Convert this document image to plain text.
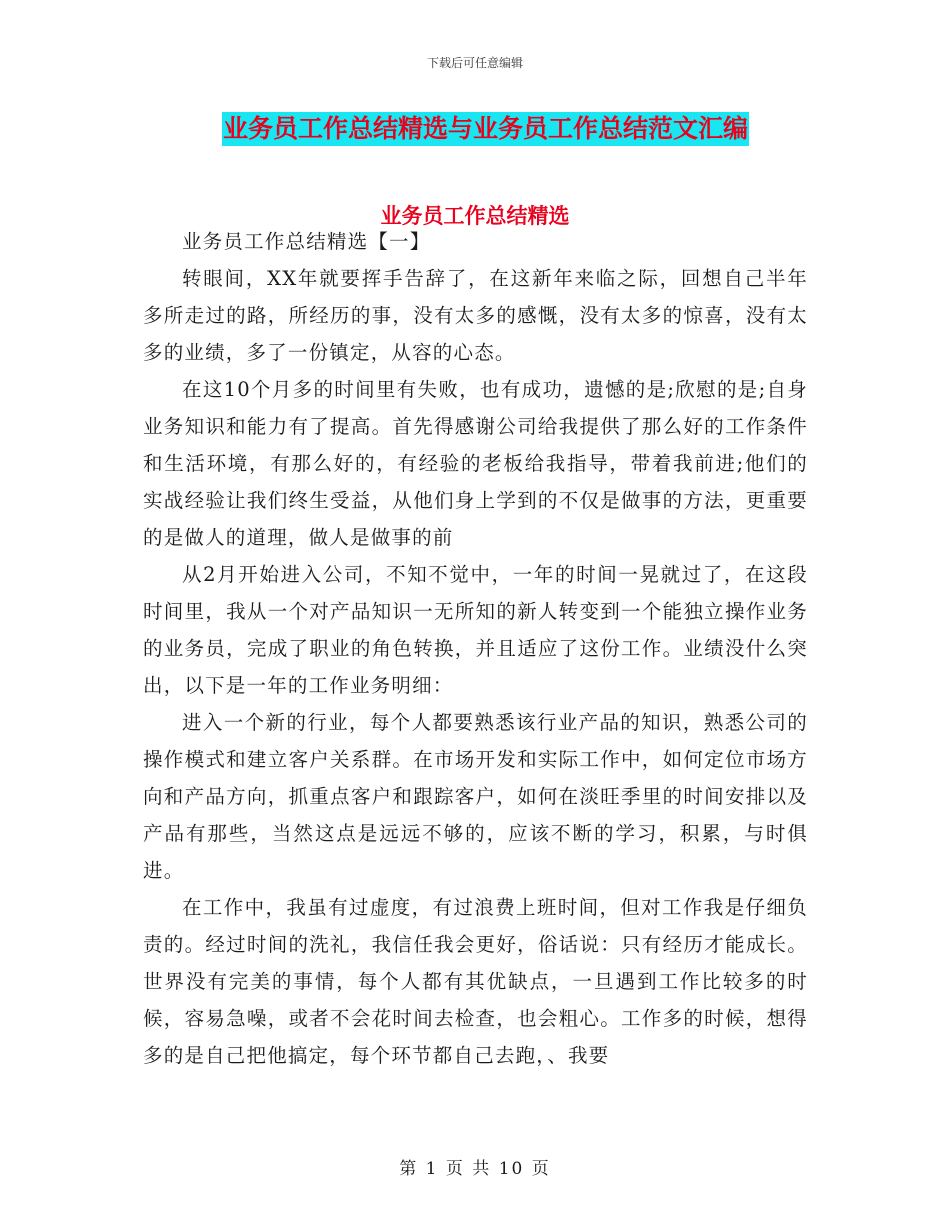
下载后可任意编辑
业务员工作总结精选与业务员工作总结范文汇编
业务员工作总结精选

业务员工作总结精选【一】

转眼间，XX年就要挥手告辞了，在这新年来临之际，回想自己半年多所走过的路，所经历的事，没有太多的感慨，没有太多的惊喜，没有太多的业绩，多了一份镇定，从容的心态。

在这10个月多的时间里有失败，也有成功，遗憾的是;欣慰的是;自身业务知识和能力有了提高。首先得感谢公司给我提供了那么好的工作条件和生活环境，有那么好的，有经验的老板给我指导，带着我前进;他们的实战经验让我们终生受益，从他们身上学到的不仅是做事的方法，更重要的是做人的道理，做人是做事的前

从2月开始进入公司，不知不觉中，一年的时间一晃就过了，在这段时间里，我从一个对产品知识一无所知的新人转变到一个能独立操作业务的业务员，完成了职业的角色转换，并且适应了这份工作。业绩没什么突出，以下是一年的工作业务明细：

进入一个新的行业，每个人都要熟悉该行业产品的知识，熟悉公司的操作模式和建立客户关系群。在市场开发和实际工作中，如何定位市场方向和产品方向，抓重点客户和跟踪客户，如何在淡旺季里的时间安排以及产品有那些，当然这点是远远不够的，应该不断的学习，积累，与时俱进。

在工作中，我虽有过虚度，有过浪费上班时间，但对工作我是仔细负责的。经过时间的洗礼，我信任我会更好，俗话说：只有经历才能成长。世界没有完美的事情，每个人都有其优缺点，一旦遇到工作比较多的时候，容易急噪，或者不会花时间去检查，也会粗心。工作多的时候，想得多的是自己把他搞定，每个环节都自己去跑，、我要

第 1 页 共 10 页
